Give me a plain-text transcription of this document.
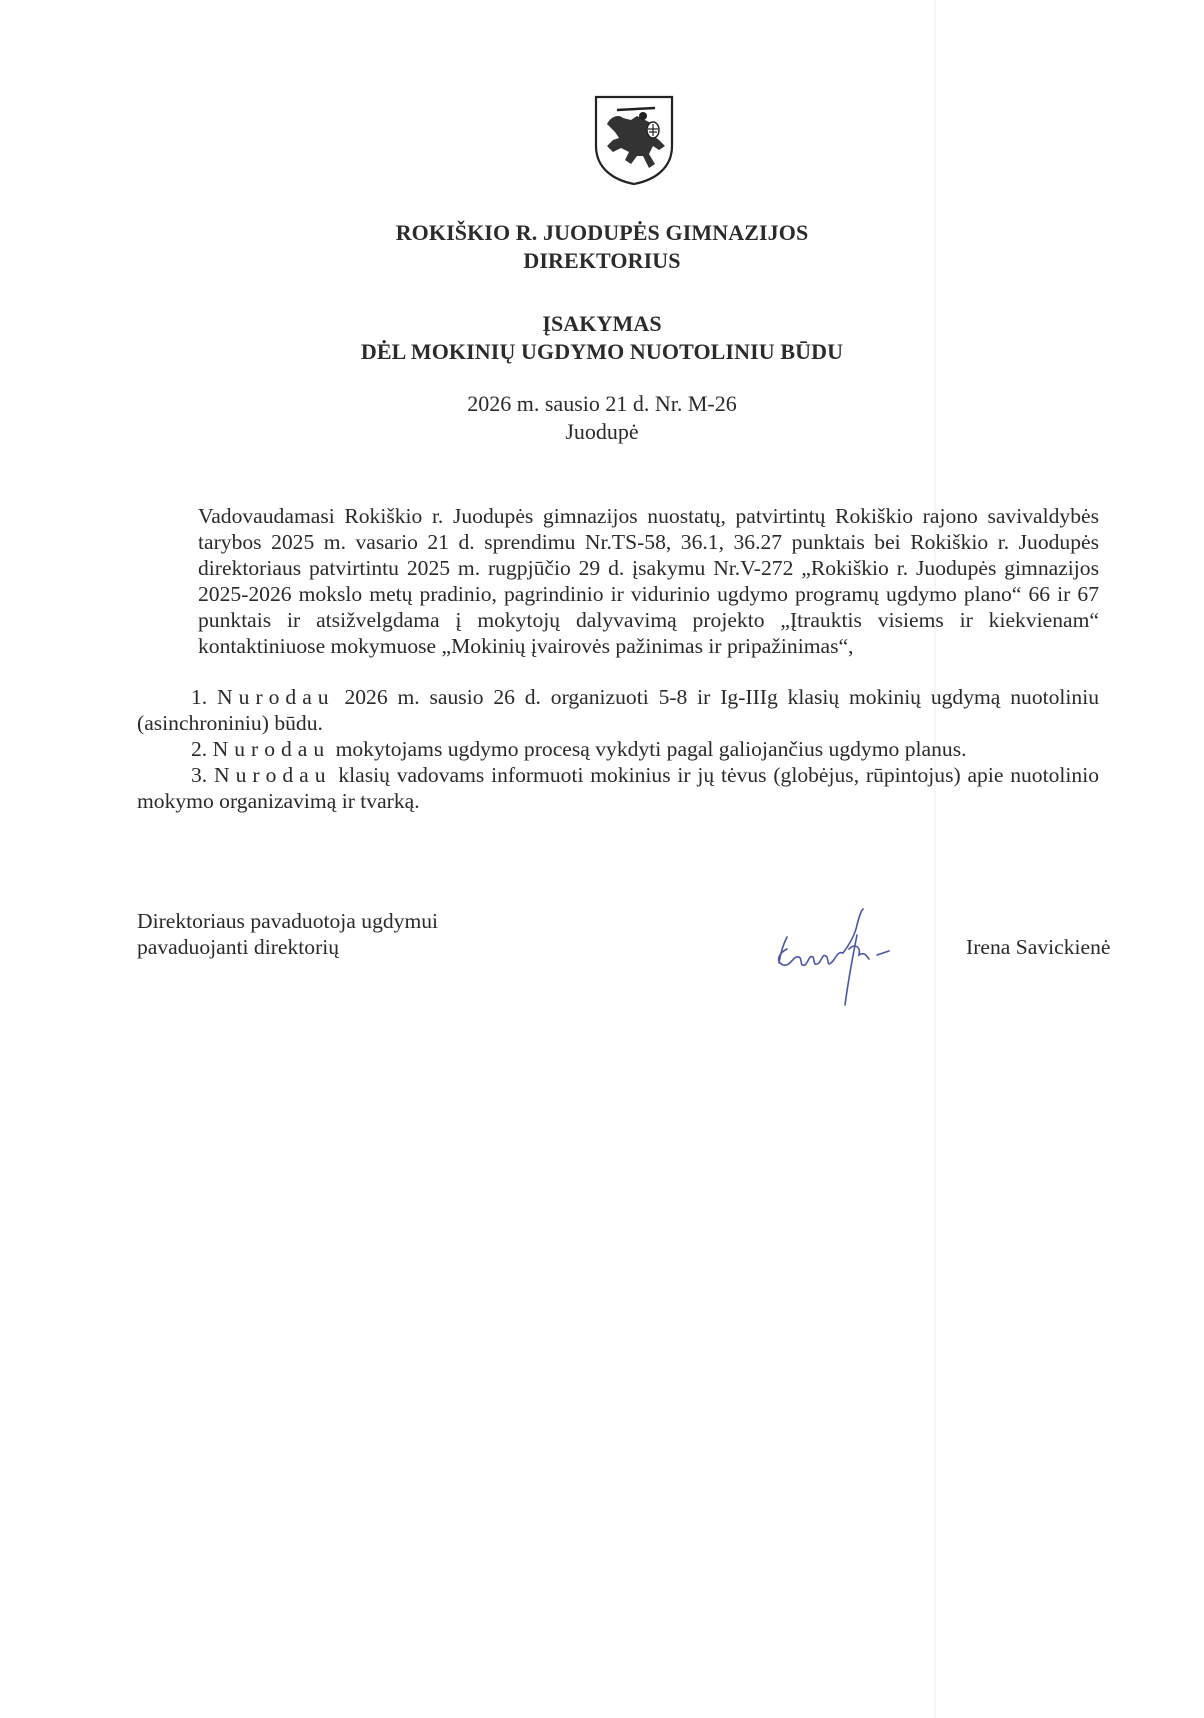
ROKIŠKIO R. JUODUPĖS GIMNAZIJOS
DIREKTORIUS
ĮSAKYMAS
DĖL MOKINIŲ UGDYMO NUOTOLINIU BŪDU
2026 m. sausio 21 d. Nr. M-26
Juodupė
Vadovaudamasi Rokiškio r. Juodupės gimnazijos nuostatų, patvirtintų Rokiškio rajono savivaldybės tarybos 2025 m. vasario 21 d. sprendimu Nr.TS-58, 36.1, 36.27 punktais bei Rokiškio r. Juodupės direktoriaus patvirtintu 2025 m. rugpjūčio 29 d. įsakymu Nr.V-272 „Rokiškio r. Juodupės gimnazijos 2025-2026 mokslo metų pradinio, pagrindinio ir vidurinio ugdymo programų ugdymo plano“ 66 ir 67 punktais ir atsižvelgdama į mokytojų dalyvavimą projekto „Įtrauktis visiems ir kiekvienam“ kontaktiniuose mokymuose „Mokinių įvairovės pažinimas ir pripažinimas“,
1. Nurodau 2026 m. sausio 26 d. organizuoti 5-8 ir Ig-IIIg klasių mokinių ugdymą nuotoliniu (asinchroniniu) būdu.
2. Nurodau mokytojams ugdymo procesą vykdyti pagal galiojančius ugdymo planus.
3. Nurodau klasių vadovams informuoti mokinius ir jų tėvus (globėjus, rūpintojus) apie nuotolinio mokymo organizavimą ir tvarką.
Direktoriaus pavaduotoja ugdymui
pavaduojanti direktorių	Irena Savickienė
